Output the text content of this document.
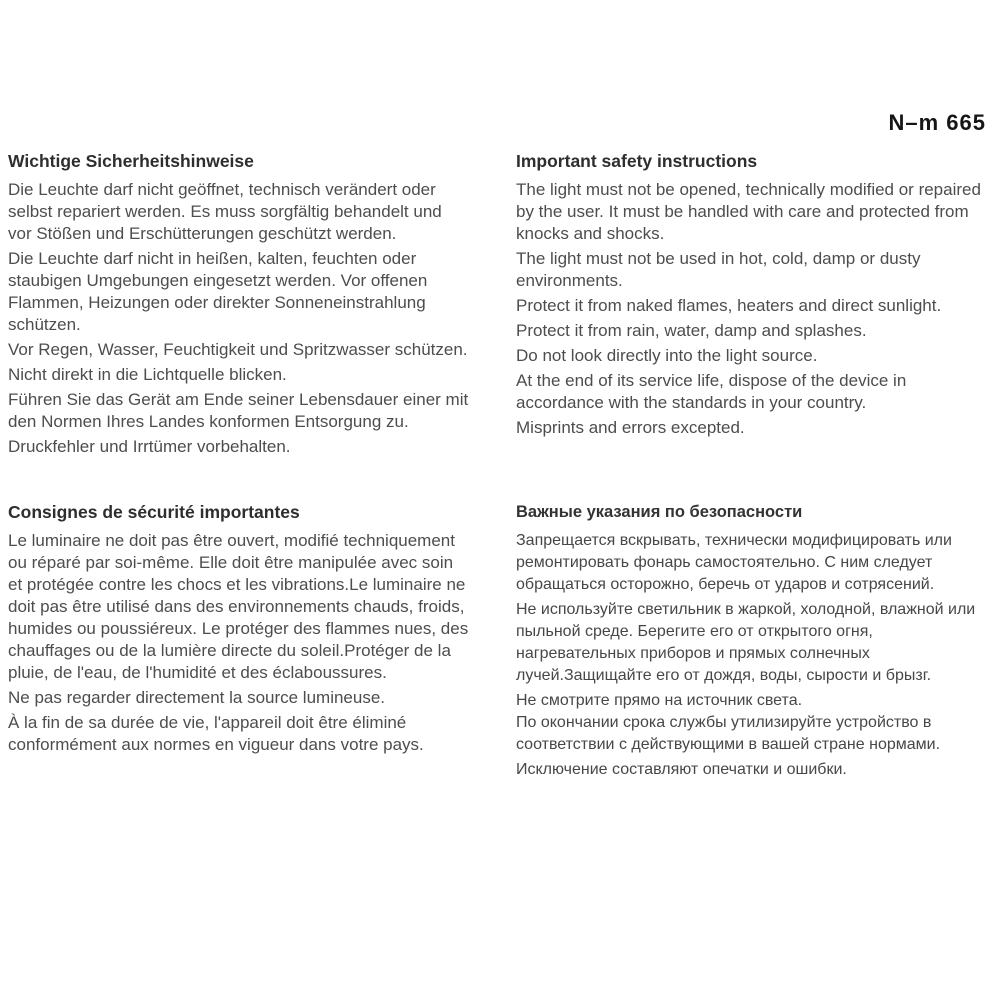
N–m 665
Wichtige Sicherheitshinweise

Die Leuchte darf nicht geöffnet, technisch verändert oder selbst repariert werden. Es muss sorgfältig behandelt und vor Stößen und Erschütterungen geschützt werden.

Die Leuchte darf nicht in heißen, kalten, feuchten oder staubigen Umgebungen eingesetzt werden. Vor offenen Flammen, Heizungen oder direkter Sonneneinstrahlung schützen.

Vor Regen, Wasser, Feuchtigkeit und Spritzwasser schützen.

Nicht direkt in die Lichtquelle blicken.

Führen Sie das Gerät am Ende seiner Lebensdauer einer mit den Normen Ihres Landes konformen Entsorgung zu.

Druckfehler und Irrtümer vorbehalten.

Important safety instructions

The light must not be opened, technically modified or repaired by the user. It must be handled with care and protected from knocks and shocks.

The light must not be used in hot, cold, damp or dusty environments.

Protect it from naked flames, heaters and direct sunlight.

Protect it from rain, water, damp and splashes.

Do not look directly into the light source.

At the end of its service life, dispose of the device in accordance with the standards in your country.

Misprints and errors excepted.

Consignes de sécurité importantes

Le luminaire ne doit pas être ouvert, modifié techniquement ou réparé par soi-même. Elle doit être manipulée avec soin et protégée contre les chocs et les vibrations.Le luminaire ne doit pas être utilisé dans des environnements chauds, froids, humides ou poussiéreux. Le protéger des flammes nues, des chauffages ou de la lumière directe du soleil.Protéger de la pluie, de l'eau, de l'humidité et des éclaboussures.

Ne pas regarder directement la source lumineuse.

À la fin de sa durée de vie, l'appareil doit être éliminé conformément aux normes en vigueur dans votre pays.

Важные указания по безопасности

Запрещается вскрывать, технически модифицировать или ремонтировать фонарь самостоятельно. С ним следует обращаться осторожно, беречь от ударов и сотрясений.

Не используйте светильник в жаркой, холодной, влажной или пыльной среде. Берегите его от открытого огня, нагревательных приборов и прямых солнечных лучей.Защищайте его от дождя, воды, сырости и брызг.

Не смотрите прямо на источник света.

По окончании срока службы утилизируйте устройство в соответствии с действующими в вашей стране нормами.

Исключение составляют опечатки и ошибки.
